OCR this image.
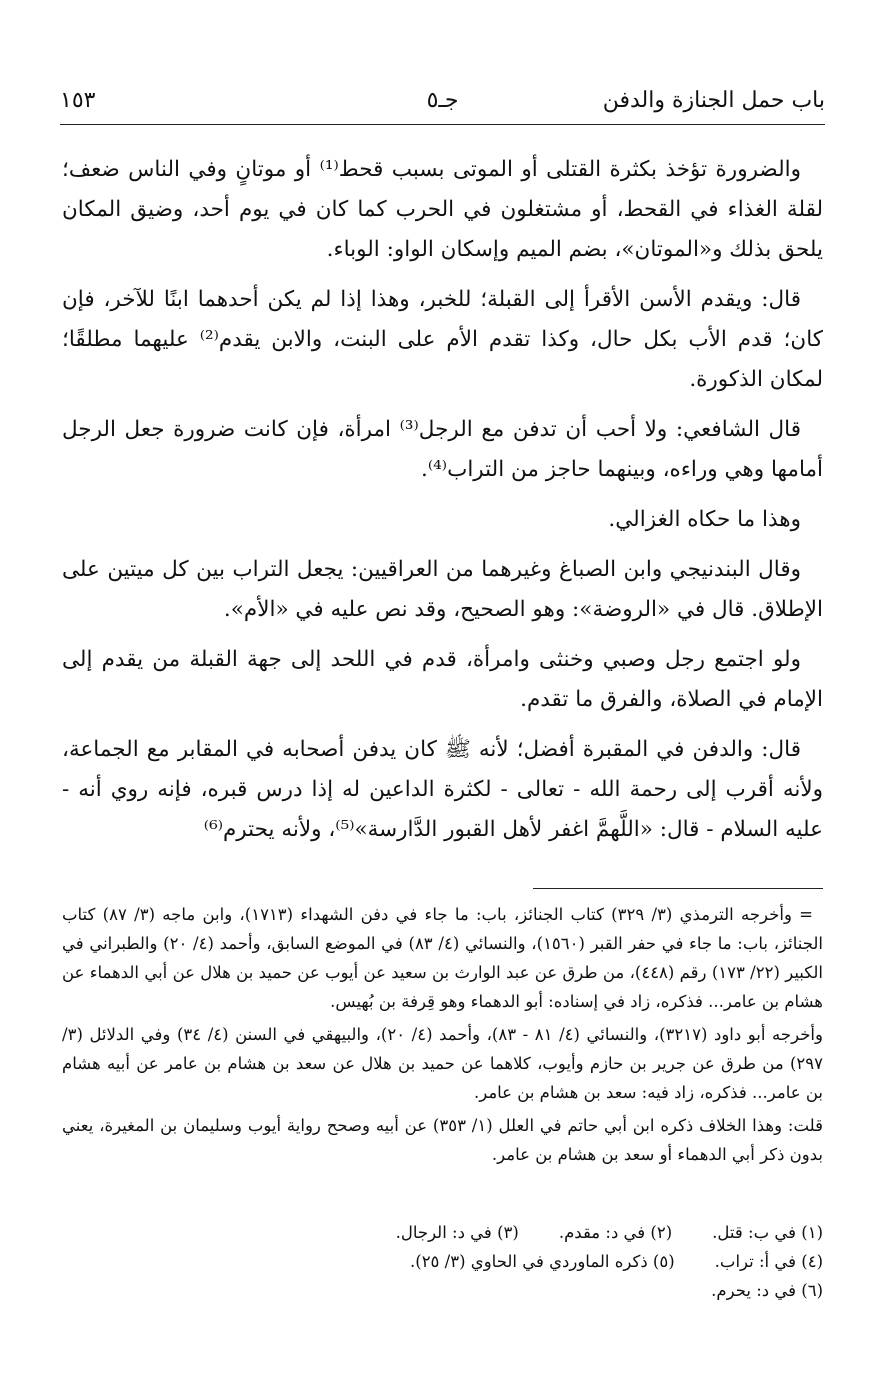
باب حمل الجنازة والدفن
جـ٥
١٥٣

والضرورة تؤخذ بكثرة القتلى أو الموتى بسبب قحط⁽¹⁾ أو موتانٍ وفي الناس ضعف؛ لقلة الغذاء في القحط، أو مشتغلون في الحرب كما كان في يوم أحد، وضيق المكان يلحق بذلك و«الموتان»، بضم الميم وإسكان الواو: الوباء.

قال: ويقدم الأسن الأقرأ إلى القبلة؛ للخبر، وهذا إذا لم يكن أحدهما ابنًا للآخر، فإن كان؛ قدم الأب بكل حال، وكذا تقدم الأم على البنت، والابن يقدم⁽²⁾ عليهما مطلقًا؛ لمكان الذكورة.

قال الشافعي: ولا أحب أن تدفن مع الرجل⁽³⁾ امرأة، فإن كانت ضرورة جعل الرجل أمامها وهي وراءه، وبينهما حاجز من التراب⁽⁴⁾.

وهذا ما حكاه الغزالي.

وقال البندنيجي وابن الصباغ وغيرهما من العراقيين: يجعل التراب بين كل ميتين على الإطلاق. قال في «الروضة»: وهو الصحيح، وقد نص عليه في «الأم».

ولو اجتمع رجل وصبي وخنثى وامرأة، قدم في اللحد إلى جهة القبلة من يقدم إلى الإمام في الصلاة، والفرق ما تقدم.

قال: والدفن في المقبرة أفضل؛ لأنه ﷺ كان يدفن أصحابه في المقابر مع الجماعة، ولأنه أقرب إلى رحمة الله - تعالى - لكثرة الداعين له إذا درس قبره، فإنه روي أنه - عليه السلام - قال: «اللَّهمَّ اغفر لأهل القبور الدَّارسة»⁽⁵⁾، ولأنه يحترم⁽⁶⁾

= وأخرجه الترمذي (٣/ ٣٢٩) كتاب الجنائز، باب: ما جاء في دفن الشهداء (١٧١٣)، وابن ماجه (٣/ ٨٧) كتاب الجنائز، باب: ما جاء في حفر القبر (١٥٦٠)، والنسائي (٤/ ٨٣) في الموضع السابق، وأحمد (٤/ ٢٠) والطبراني في الكبير (٢٢/ ١٧٣) رقم (٤٤٨)، من طرق عن عبد الوارث بن سعيد عن أيوب عن حميد بن هلال عن أبي الدهماء عن هشام بن عامر... فذكره، زاد في إسناده: أبو الدهماء وهو قِرفة بن بُهيس.

وأخرجه أبو داود (٣٢١٧)، والنسائي (٤/ ٨١ - ٨٣)، وأحمد (٤/ ٢٠)، والبيهقي في السنن (٤/ ٣٤) وفي الدلائل (٣/ ٢٩٧) من طرق عن جرير بن حازم وأيوب، كلاهما عن حميد بن هلال عن سعد بن هشام بن عامر عن أبيه هشام بن عامر... فذكره، زاد فيه: سعد بن هشام بن عامر.

قلت: وهذا الخلاف ذكره ابن أبي حاتم في العلل (١/ ٣٥٣) عن أبيه وصحح رواية أيوب وسليمان بن المغيرة، يعني بدون ذكر أبي الدهماء أو سعد بن هشام بن عامر.

(١) في ب: قتل.
(٢) في د: مقدم.
(٣) في د: الرجال.
(٤) في أ: تراب.
(٥) ذكره الماوردي في الحاوي (٣/ ٢٥).
(٦) في د: يحرم.
